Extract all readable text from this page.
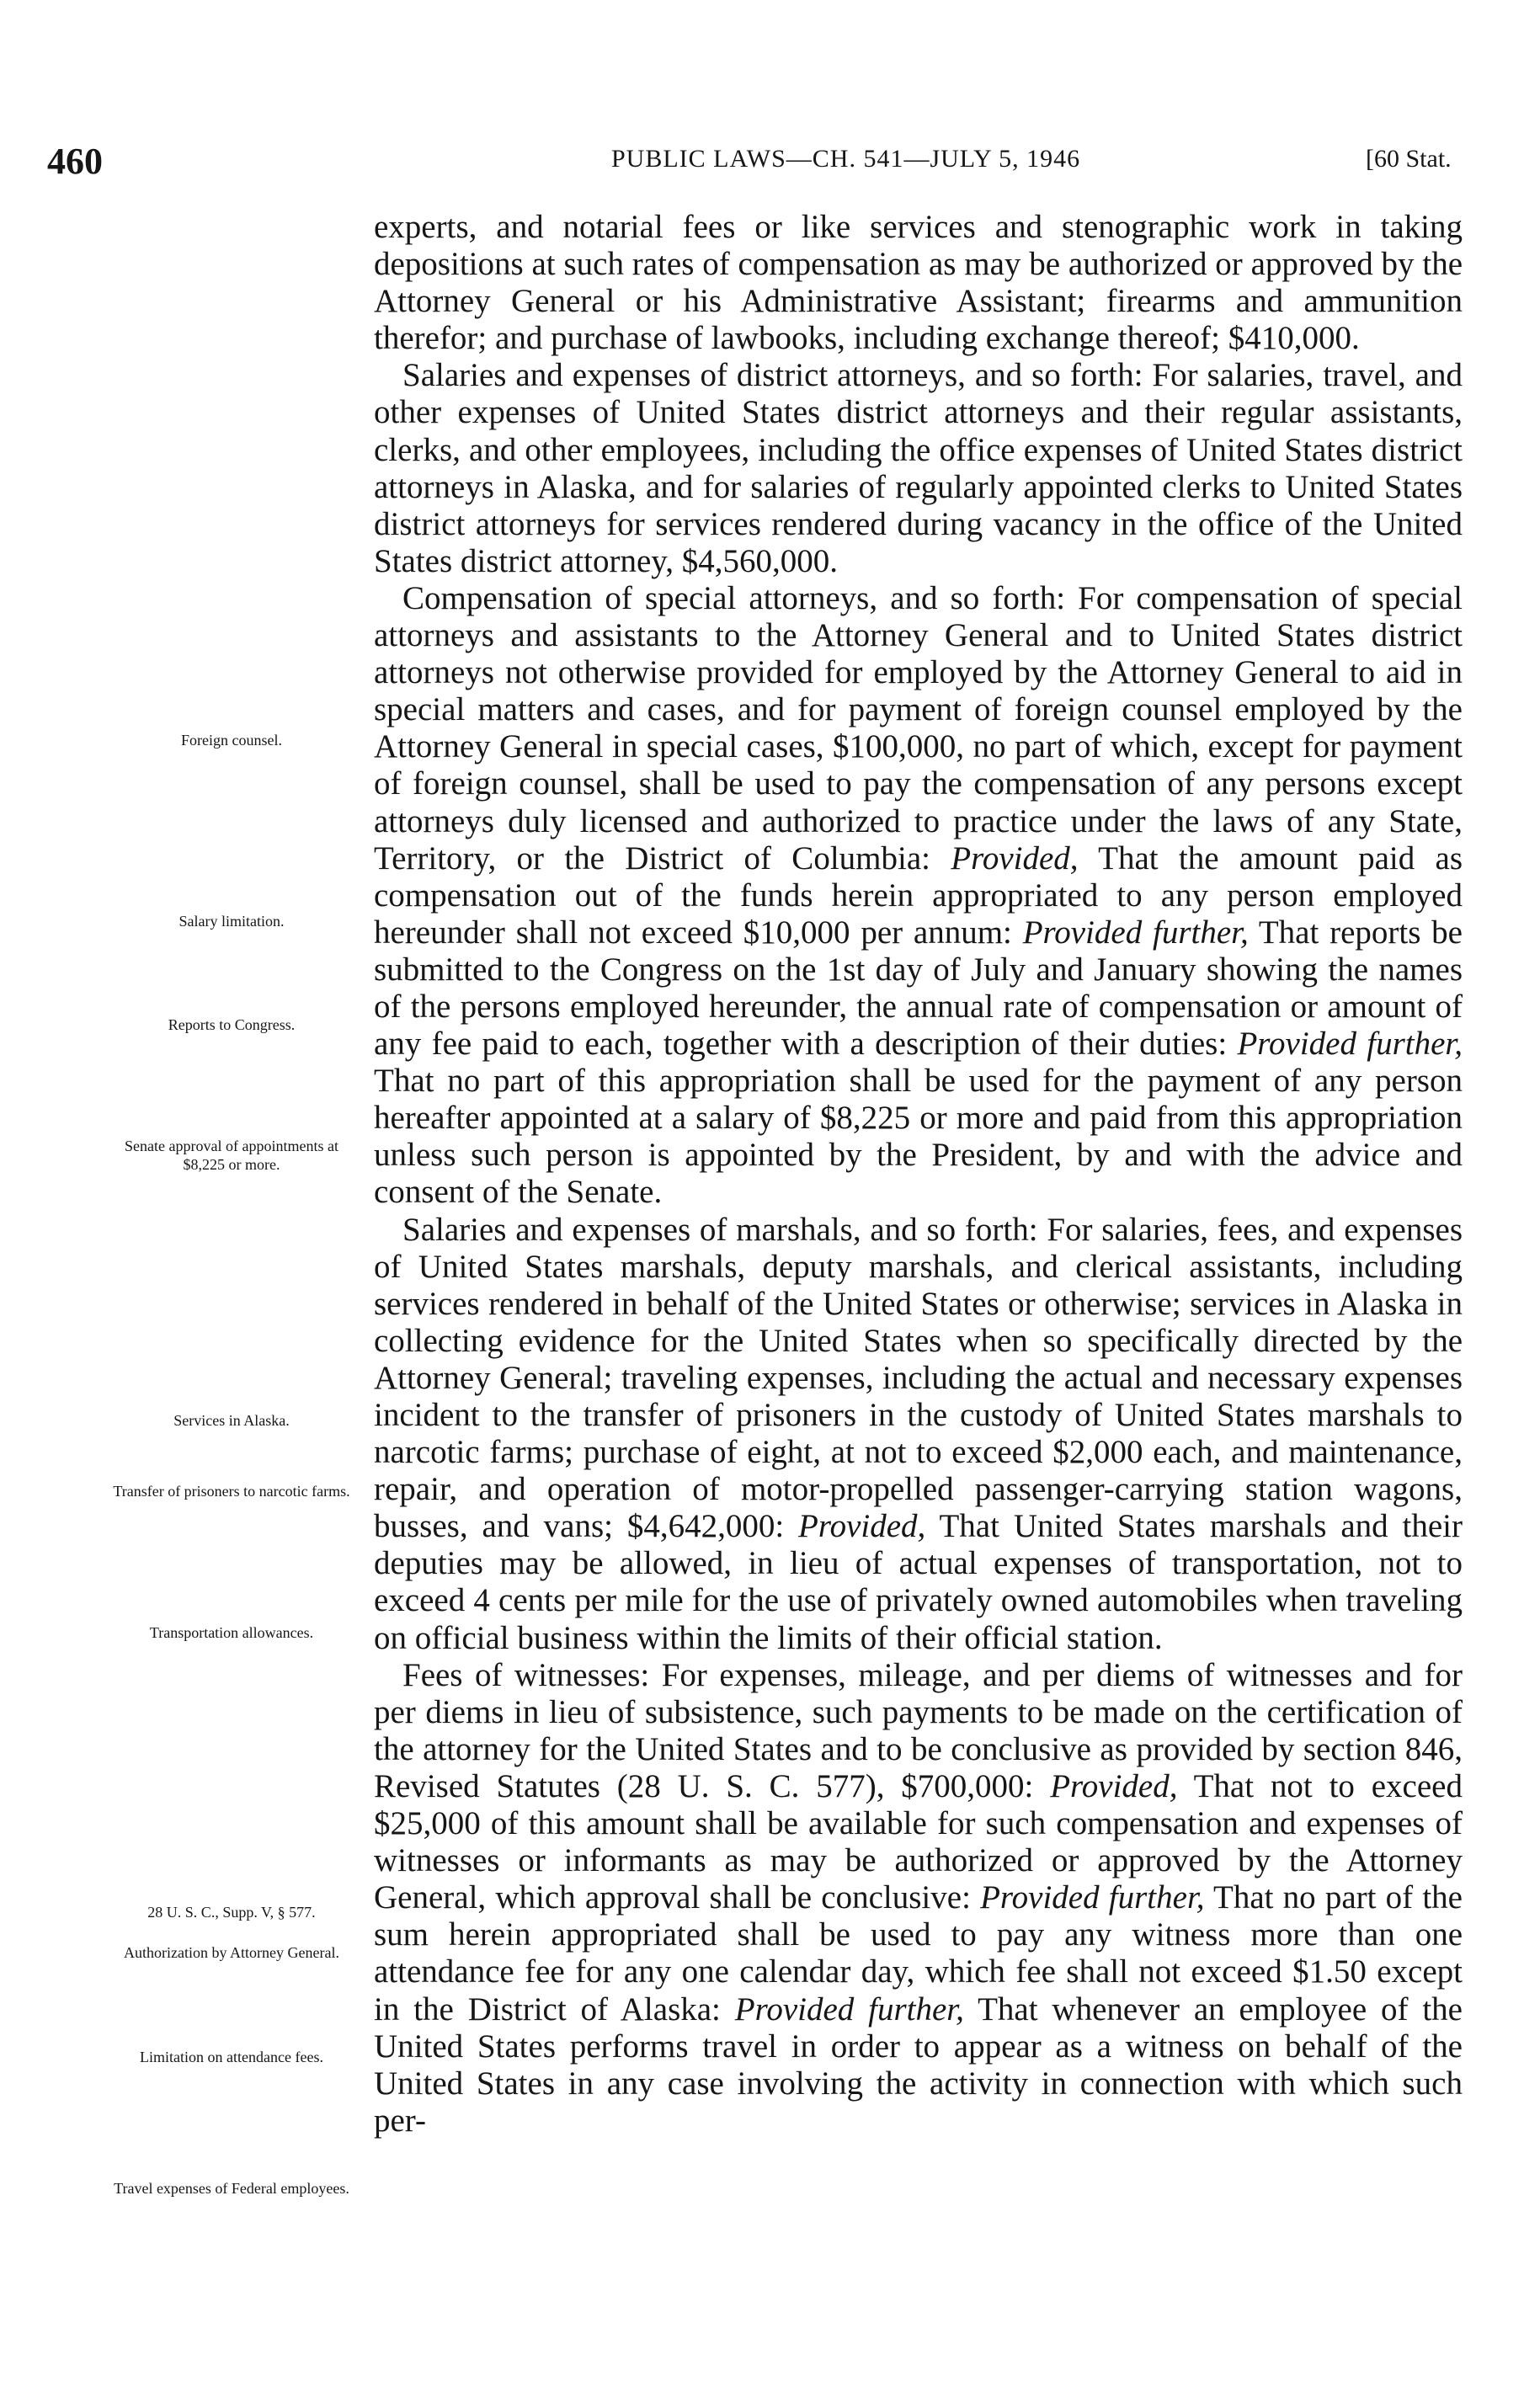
460	PUBLIC LAWS—CH. 541—JULY 5, 1946	[60 Stat.

experts, and notarial fees or like services and stenographic work in taking depositions at such rates of compensation as may be authorized or approved by the Attorney General or his Administrative Assistant; firearms and ammunition therefor; and purchase of lawbooks, including exchange thereof; $410,000.

Salaries and expenses of district attorneys, and so forth: For salaries, travel, and other expenses of United States district attorneys and their regular assistants, clerks, and other employees, including the office expenses of United States district attorneys in Alaska, and for salaries of regularly appointed clerks to United States district attorneys for services rendered during vacancy in the office of the United States district attorney, $4,560,000.

Compensation of special attorneys, and so forth: For compensation of special attorneys and assistants to the Attorney General and to United States district attorneys not otherwise provided for employed by the Attorney General to aid in special matters and cases, and for payment of foreign counsel employed by the Attorney General in special cases, $100,000, no part of which, except for payment of foreign counsel, shall be used to pay the compensation of any persons except attorneys duly licensed and authorized to practice under the laws of any State, Territory, or the District of Columbia: Provided, That the amount paid as compensation out of the funds herein appropriated to any person employed hereunder shall not exceed $10,000 per annum: Provided further, That reports be submitted to the Congress on the 1st day of July and January showing the names of the persons employed hereunder, the annual rate of compensation or amount of any fee paid to each, together with a description of their duties: Provided further, That no part of this appropriation shall be used for the payment of any person hereafter appointed at a salary of $8,225 or more and paid from this appropriation unless such person is appointed by the President, by and with the advice and consent of the Senate.

Salaries and expenses of marshals, and so forth: For salaries, fees, and expenses of United States marshals, deputy marshals, and clerical assistants, including services rendered in behalf of the United States or otherwise; services in Alaska in collecting evidence for the United States when so specifically directed by the Attorney General; traveling expenses, including the actual and necessary expenses incident to the transfer of prisoners in the custody of United States marshals to narcotic farms; purchase of eight, at not to exceed $2,000 each, and maintenance, repair, and operation of motor-propelled passenger-carrying station wagons, busses, and vans; $4,642,000: Provided, That United States marshals and their deputies may be allowed, in lieu of actual expenses of transportation, not to exceed 4 cents per mile for the use of privately owned automobiles when traveling on official business within the limits of their official station.

Fees of witnesses: For expenses, mileage, and per diems of witnesses and for per diems in lieu of subsistence, such payments to be made on the certification of the attorney for the United States and to be conclusive as provided by section 846, Revised Statutes (28 U. S. C. 577), $700,000: Provided, That not to exceed $25,000 of this amount shall be available for such compensation and expenses of witnesses or informants as may be authorized or approved by the Attorney General, which approval shall be conclusive: Provided further, That no part of the sum herein appropriated shall be used to pay any witness more than one attendance fee for any one calendar day, which fee shall not exceed $1.50 except in the District of Alaska: Provided further, That whenever an employee of the United States performs travel in order to appear as a witness on behalf of the United States in any case involving the activity in connection with which such per-

Foreign counsel.
Salary limitation.
Reports to Congress.
Senate approval of appointments at $8,225 or more.
Services in Alaska.
Transfer of prisoners to narcotic farms.
Transportation allowances.
28 U. S. C., Supp. V, § 577.
Authorization by Attorney General.
Limitation on attendance fees.
Travel expenses of Federal employees.
